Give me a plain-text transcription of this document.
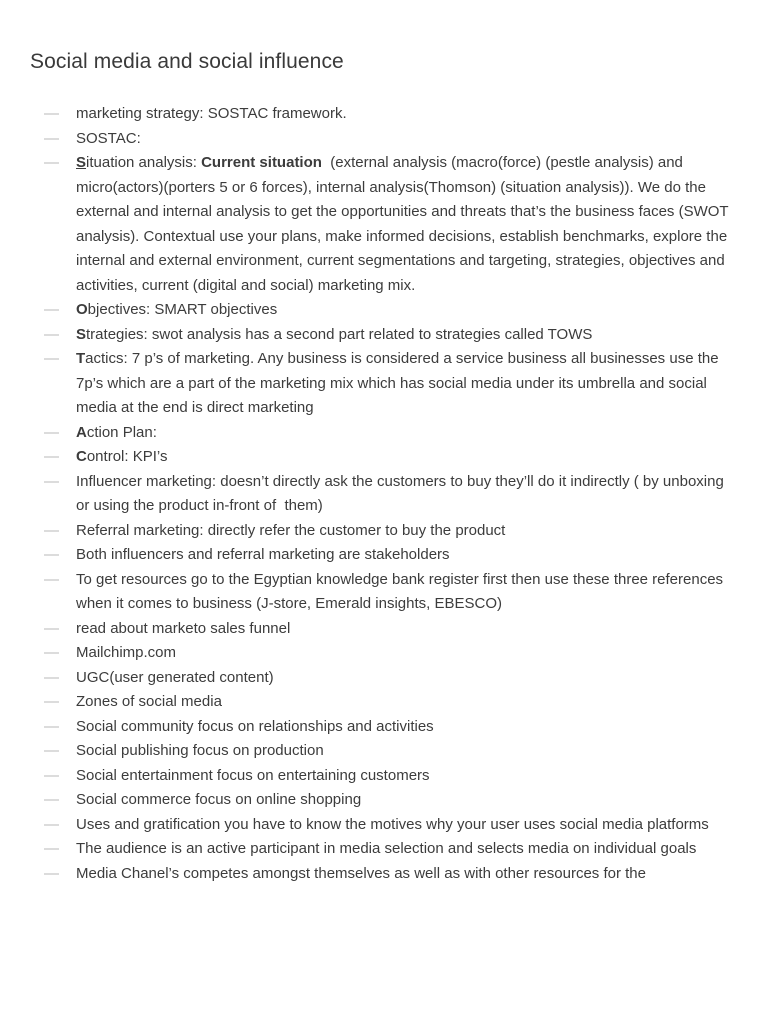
Social media and social influence
—
marketing strategy: SOSTAC framework.
—
SOSTAC:
—
Situation analysis: Current situation  (external analysis (macro(force) (pestle analysis) and micro(actors)(porters 5 or 6 forces), internal analysis(Thomson) (situation analysis)). We do the external and internal analysis to get the opportunities and threats that’s the business faces (SWOT analysis). Contextual use your plans, make informed decisions, establish benchmarks, explore the internal and external environment, current segmentations and targeting, strategies, objectives and activities, current (digital and social) marketing mix.
—
Objectives: SMART objectives
—
Strategies: swot analysis has a second part related to strategies called TOWS
—
Tactics: 7 p’s of marketing. Any business is considered a service business all businesses use the 7p’s which are a part of the marketing mix which has social media under its umbrella and social media at the end is direct marketing
—
Action Plan:
—
Control: KPI’s
—
Influencer marketing: doesn’t directly ask the customers to buy they’ll do it indirectly ( by unboxing or using the product in-front of  them)
—
Referral marketing: directly refer the customer to buy the product
—
Both influencers and referral marketing are stakeholders
—
To get resources go to the Egyptian knowledge bank register first then use these three references when it comes to business (J-store, Emerald insights, EBESCO)
—
read about marketo sales funnel
—
Mailchimp.com
—
UGC(user generated content)
—
Zones of social media
—
Social community focus on relationships and activities
—
Social publishing focus on production
—
Social entertainment focus on entertaining customers
—
Social commerce focus on online shopping
—
Uses and gratification you have to know the motives why your user uses social media platforms
—
The audience is an active participant in media selection and selects media on individual goals
—
Media Chanel’s competes amongst themselves as well as with other resources for the
